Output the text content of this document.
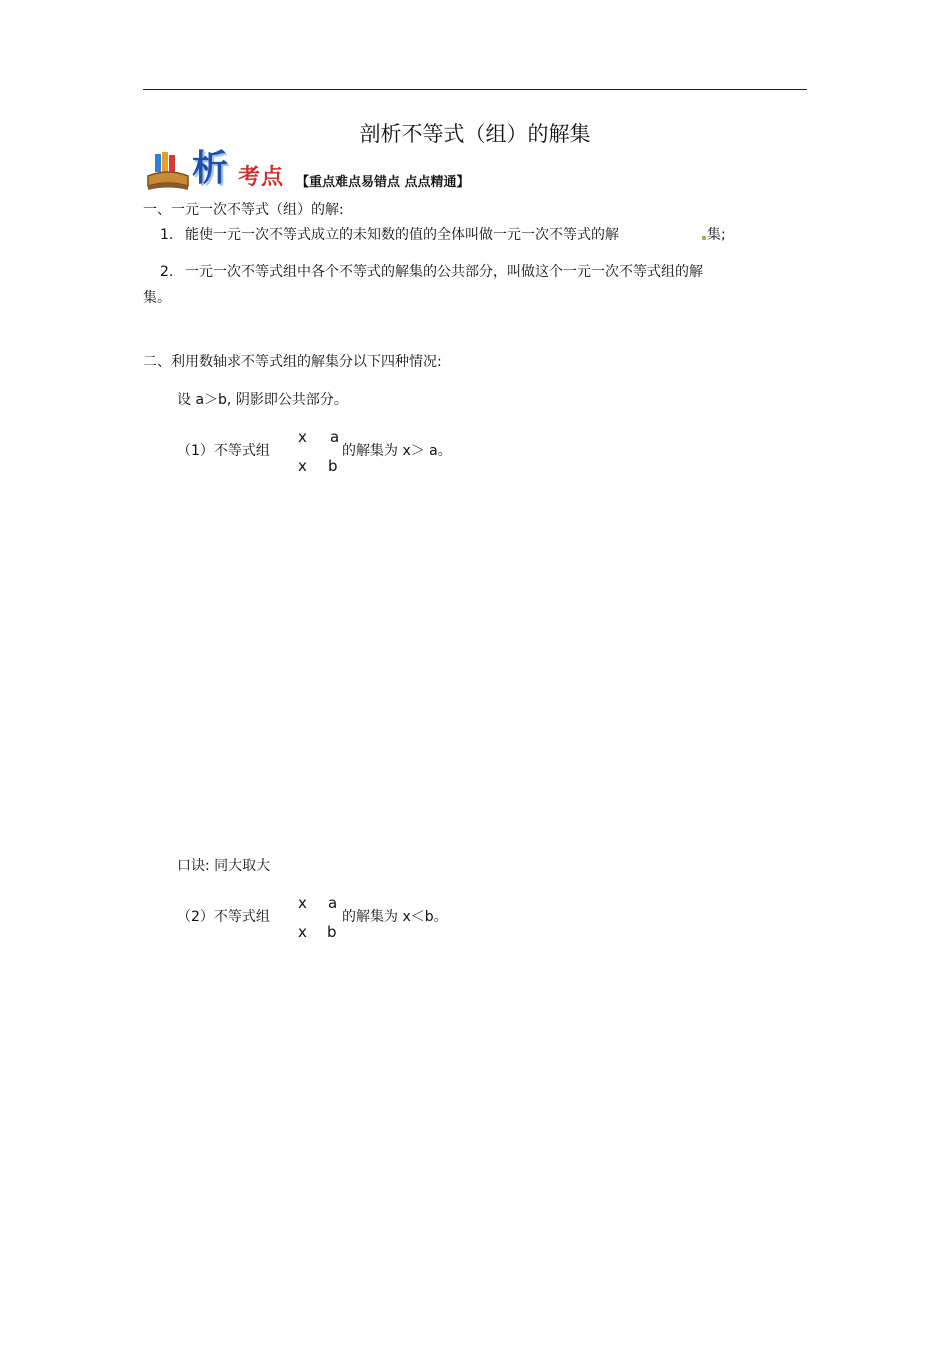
剖析不等式（组）的解集
析 考点 【重点难点易错点 点点精通】
一、一元一次不等式（组）的解:
1. 能使一元一次不等式成立的未知数的值的全体叫做一元一次不等式的解	集;
2. 一元一次不等式组中各个不等式的解集的公共部分，叫做这个一元一次不等式组的解
集。
二、利用数轴求不等式组的解集分以下四种情况:
设 a＞b, 阴影即公共部分。
（1）不等式组
x a
x b
的解集为 x＞ a。
口诀: 同大取大
（2）不等式组
x a
x b
的解集为 x＜b。
